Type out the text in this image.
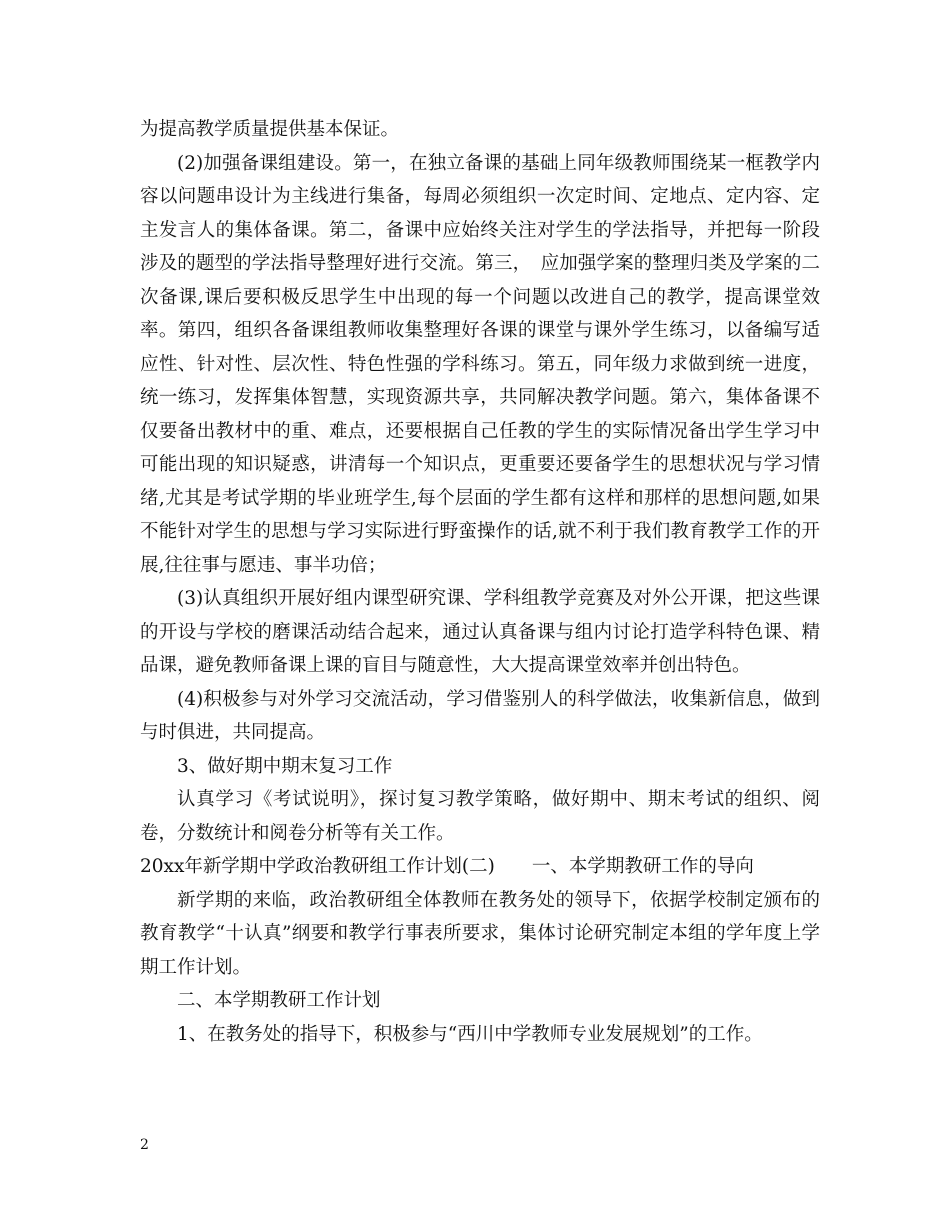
为提高教学质量提供基本保证。

(2)加强备课组建设。第一，在独立备课的基础上同年级教师围绕某一框教学内容以问题串设计为主线进行集备，每周必须组织一次定时间、定地点、定内容、定主发言人的集体备课。第二，备课中应始终关注对学生的学法指导，并把每一阶段涉及的题型的学法指导整理好进行交流。第三，　应加强学案的整理归类及学案的二次备课,课后要积极反思学生中出现的每一个问题以改进自己的教学，提高课堂效率。第四，组织各备课组教师收集整理好各课的课堂与课外学生练习，以备编写适应性、针对性、层次性、特色性强的学科练习。第五，同年级力求做到统一进度，统一练习，发挥集体智慧，实现资源共享，共同解决教学问题。第六，集体备课不仅要备出教材中的重、难点，还要根据自己任教的学生的实际情况备出学生学习中可能出现的知识疑惑，讲清每一个知识点，更重要还要备学生的思想状况与学习情绪,尤其是考试学期的毕业班学生,每个层面的学生都有这样和那样的思想问题,如果不能针对学生的思想与学习实际进行野蛮操作的话,就不利于我们教育教学工作的开展,往往事与愿违、事半功倍；

(3)认真组织开展好组内课型研究课、学科组教学竞赛及对外公开课，把这些课的开设与学校的磨课活动结合起来，通过认真备课与组内讨论打造学科特色课、精品课，避免教师备课上课的盲目与随意性，大大提高课堂效率并创出特色。

(4)积极参与对外学习交流活动，学习借鉴别人的科学做法，收集新信息，做到与时俱进，共同提高。

3、做好期中期末复习工作

认真学习《考试说明》，探讨复习教学策略，做好期中、期末考试的组织、阅卷，分数统计和阅卷分析等有关工作。

20xx年新学期中学政治教研组工作计划(二)　　一、本学期教研工作的导向

新学期的来临，政治教研组全体教师在教务处的领导下，依据学校制定颁布的教育教学“十认真”纲要和教学行事表所要求，集体讨论研究制定本组的学年度上学期工作计划。

二、本学期教研工作计划

1、在教务处的指导下，积极参与“西川中学教师专业发展规划”的工作。

2
